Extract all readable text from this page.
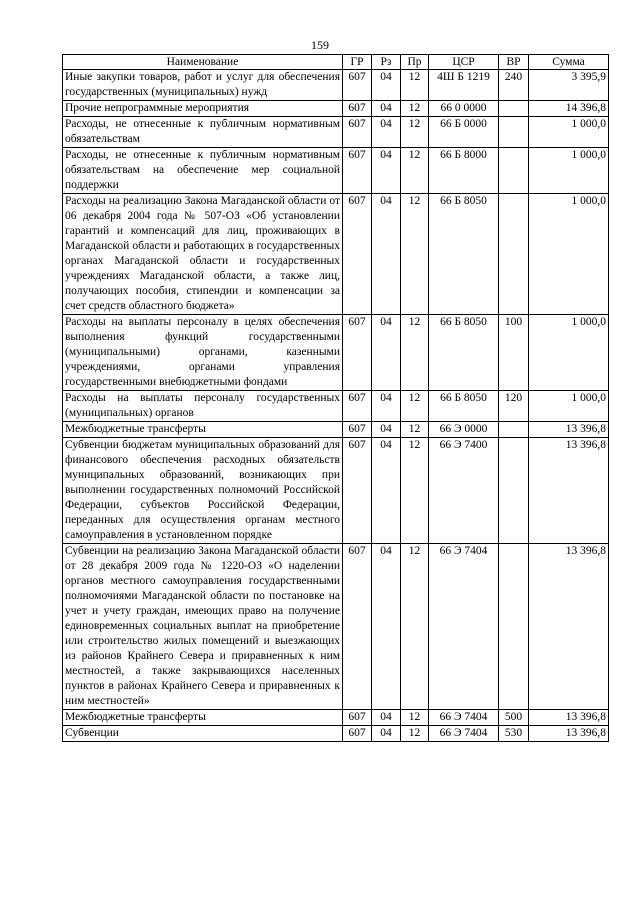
159
Наименование	ГР	Рз	Пр	ЦСР	ВР	Сумма
Иные закупки товаров, работ и услуг для обеспечения государственных (муниципальных) нужд	607	04	12	4Ш Б 1219	240	3 395,9
Прочие непрограммные мероприятия	607	04	12	66 0 0000		14 396,8
Расходы, не отнесенные к публичным нормативным обязательствам	607	04	12	66 Б 0000		1 000,0
Расходы, не отнесенные к публичным нормативным обязательствам на обеспечение мер социальной поддержки	607	04	12	66 Б 8000		1 000,0
Расходы на реализацию Закона Магаданской области от 06 декабря 2004 года № 507-ОЗ «Об установлении гарантий и компенсаций для лиц, проживающих в Магаданской области и работающих в государственных органах Магаданской области и государственных учреждениях Магаданской области, а также лиц, получающих пособия, стипендии и компенсации за счет средств областного бюджета»	607	04	12	66 Б 8050		1 000,0
Расходы на выплаты персоналу в целях обеспечения выполнения функций государственными (муниципальными) органами, казенными учреждениями, органами управления государственными внебюджетными фондами	607	04	12	66 Б 8050	100	1 000,0
Расходы на выплаты персоналу государственных (муниципальных) органов	607	04	12	66 Б 8050	120	1 000,0
Межбюджетные трансферты	607	04	12	66 Э 0000		13 396,8
Субвенции бюджетам муниципальных образований для финансового обеспечения расходных обязательств муниципальных образований, возникающих при выполнении государственных полномочий Российской Федерации, субъектов Российской Федерации, переданных для осуществления органам местного самоуправления в установленном порядке	607	04	12	66 Э 7400		13 396,8
Субвенции на реализацию Закона Магаданской области от 28 декабря 2009 года № 1220-ОЗ «О наделении органов местного самоуправления государственными полномочиями Магаданской области по постановке на учет и учету граждан, имеющих право на получение единовременных социальных выплат на приобретение или строительство жилых помещений и выезжающих из районов Крайнего Севера и приравненных к ним местностей, а также закрывающихся населенных пунктов в районах Крайнего Севера и приравненных к ним местностей»	607	04	12	66 Э 7404		13 396,8
Межбюджетные трансферты	607	04	12	66 Э 7404	500	13 396,8
Субвенции	607	04	12	66 Э 7404	530	13 396,8
